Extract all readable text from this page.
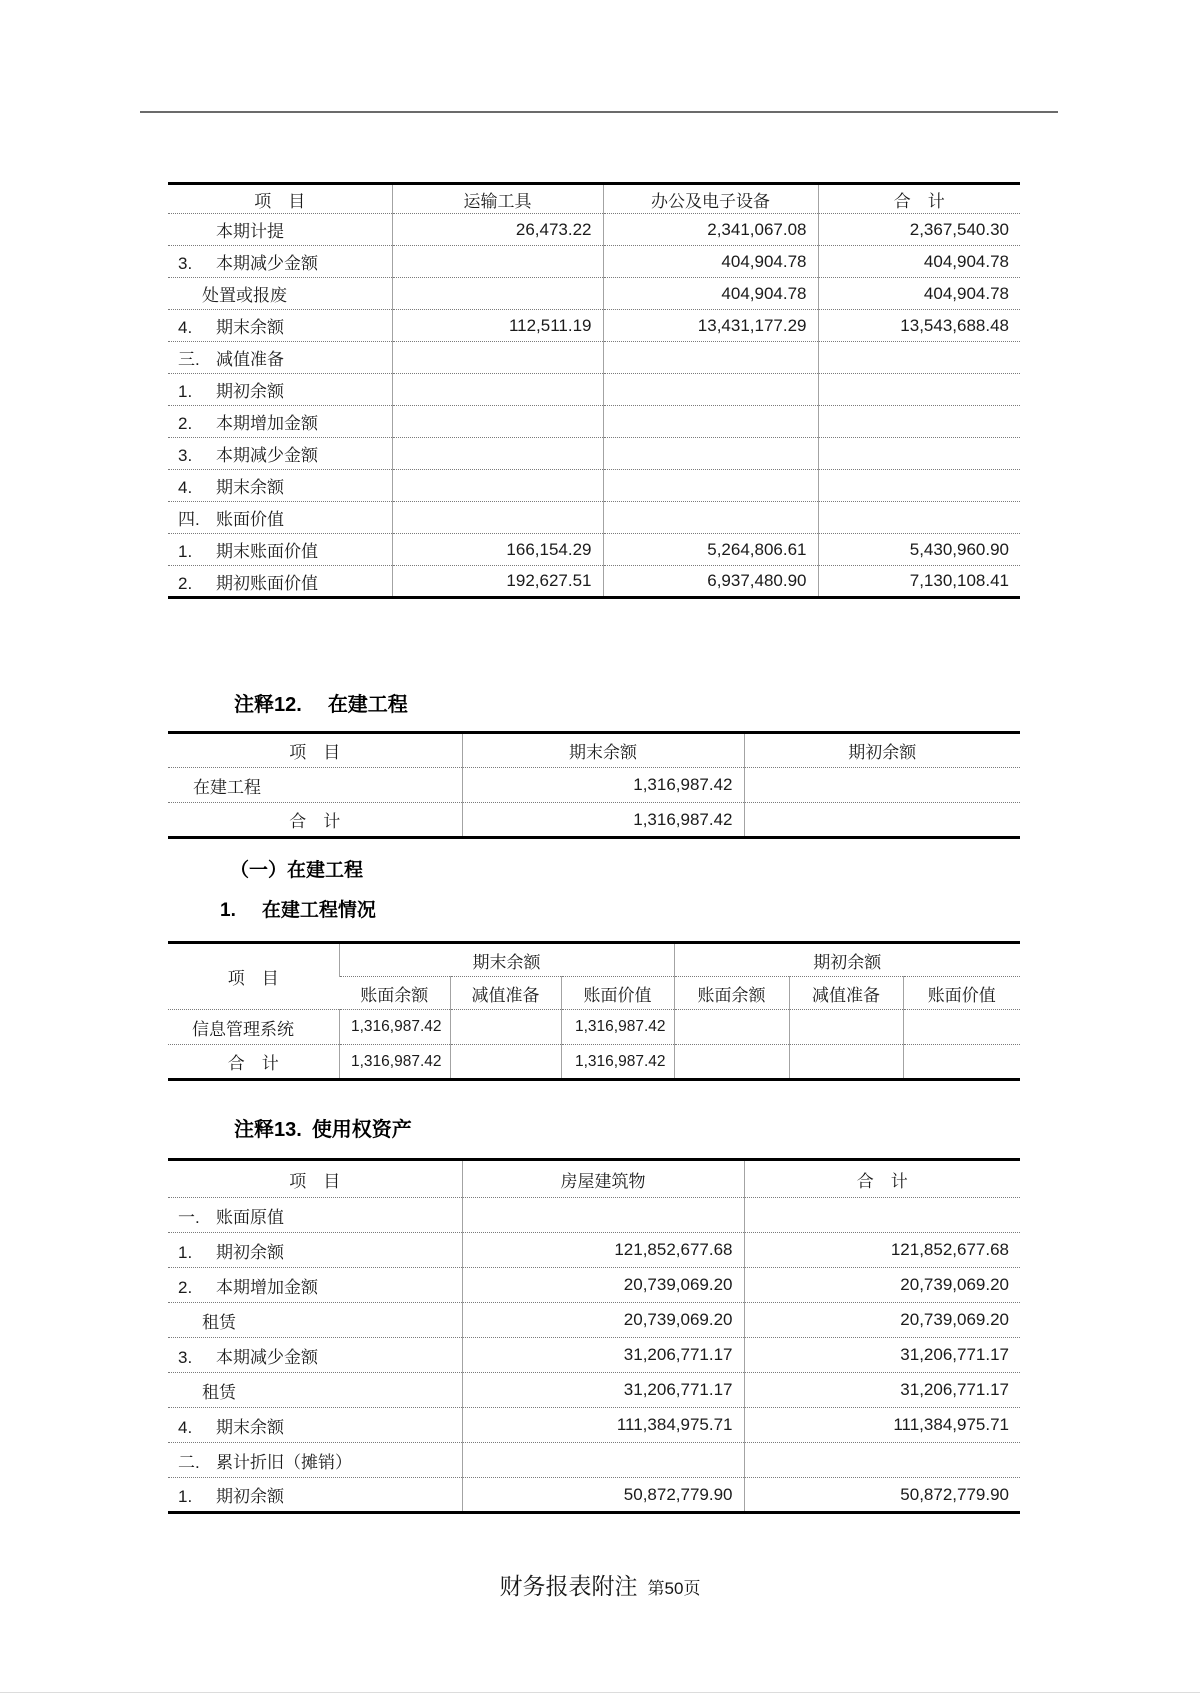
项　目	运输工具	办公及电子设备	合　计
本期计提	26,473.22	2,341,067.08	2,367,540.30
3. 本期减少金额		404,904.78	404,904.78
处置或报废		404,904.78	404,904.78
4. 期末余额	112,511.19	13,431,177.29	13,543,688.48
三. 减值准备			
1. 期初余额			
2. 本期增加金额			
3. 本期减少金额			
4. 期末余额			
四. 账面价值			
1. 期末账面价值	166,154.29	5,264,806.61	5,430,960.90
2. 期初账面价值	192,627.51	6,937,480.90	7,130,108.41
注释12. 在建工程
项　目	期末余额	期初余额
在建工程	1,316,987.42	
合　计	1,316,987.42	
（一）在建工程
1. 在建工程情况
项　目	期末余额			期初余额		
	账面余额	减值准备	账面价值	账面余额	减值准备	账面价值
信息管理系统	1,316,987.42		1,316,987.42			
合　计	1,316,987.42		1,316,987.42			
注释13. 使用权资产
项　目	房屋建筑物	合　计
一. 账面原值		
1. 期初余额	121,852,677.68	121,852,677.68
2. 本期增加金额	20,739,069.20	20,739,069.20
租赁	20,739,069.20	20,739,069.20
3. 本期减少金额	31,206,771.17	31,206,771.17
租赁	31,206,771.17	31,206,771.17
4. 期末余额	111,384,975.71	111,384,975.71
二. 累计折旧（摊销）		
1. 期初余额	50,872,779.90	50,872,779.90
财务报表附注 第50页
